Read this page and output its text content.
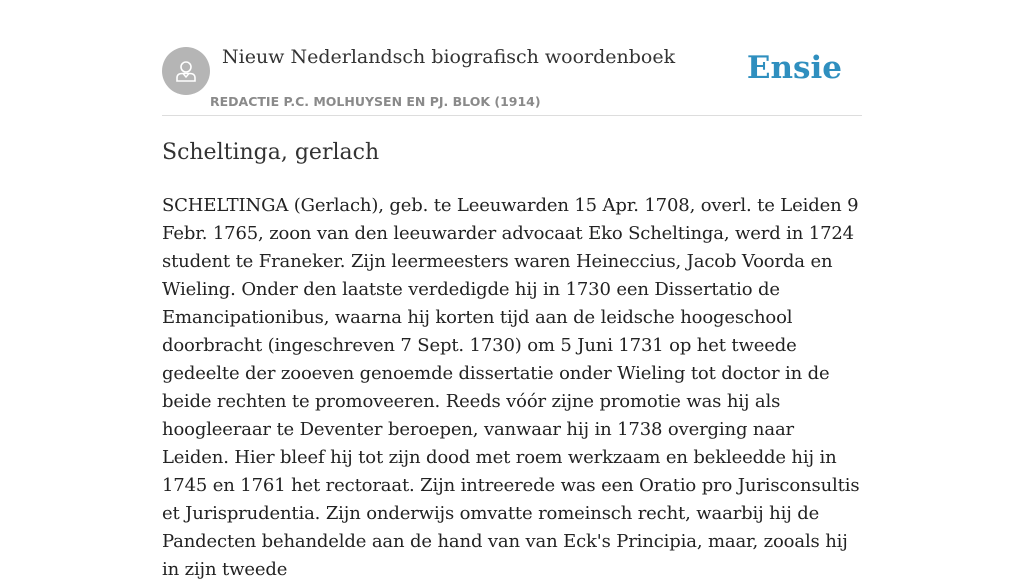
Nieuw Nederlandsch biografisch woordenboek
REDACTIE P.C. MOLHUYSEN EN PJ. BLOK (1914)
Ensie
Scheltinga, gerlach

SCHELTINGA (Gerlach), geb. te Leeuwarden 15 Apr. 1708, overl. te Leiden 9 Febr. 1765, zoon van den leeuwarder advocaat Eko Scheltinga, werd in 1724 student te Franeker. Zijn leermeesters waren Heineccius, Jacob Voorda en Wieling. Onder den laatste verdedigde hij in 1730 een Dissertatio de Emancipationibus, waarna hij korten tijd aan de leidsche hoogeschool doorbracht (ingeschreven 7 Sept. 1730) om 5 Juni 1731 op het tweede gedeelte der zooeven genoemde dissertatie onder Wieling tot doctor in de beide rechten te promoveeren. Reeds vóór zijne promotie was hij als hoogleeraar te Deventer beroepen, vanwaar hij in 1738 overging naar Leiden. Hier bleef hij tot zijn dood met roem werkzaam en bekleedde hij in 1745 en 1761 het rectoraat. Zijn intreerede was een Oratio pro Jurisconsultis et Jurisprudentia. Zijn onderwijs omvatte romeinsch recht, waarbij hij de Pandecten behandelde aan de hand van van Eck's Principia, maar, zooals hij in zijn tweede
